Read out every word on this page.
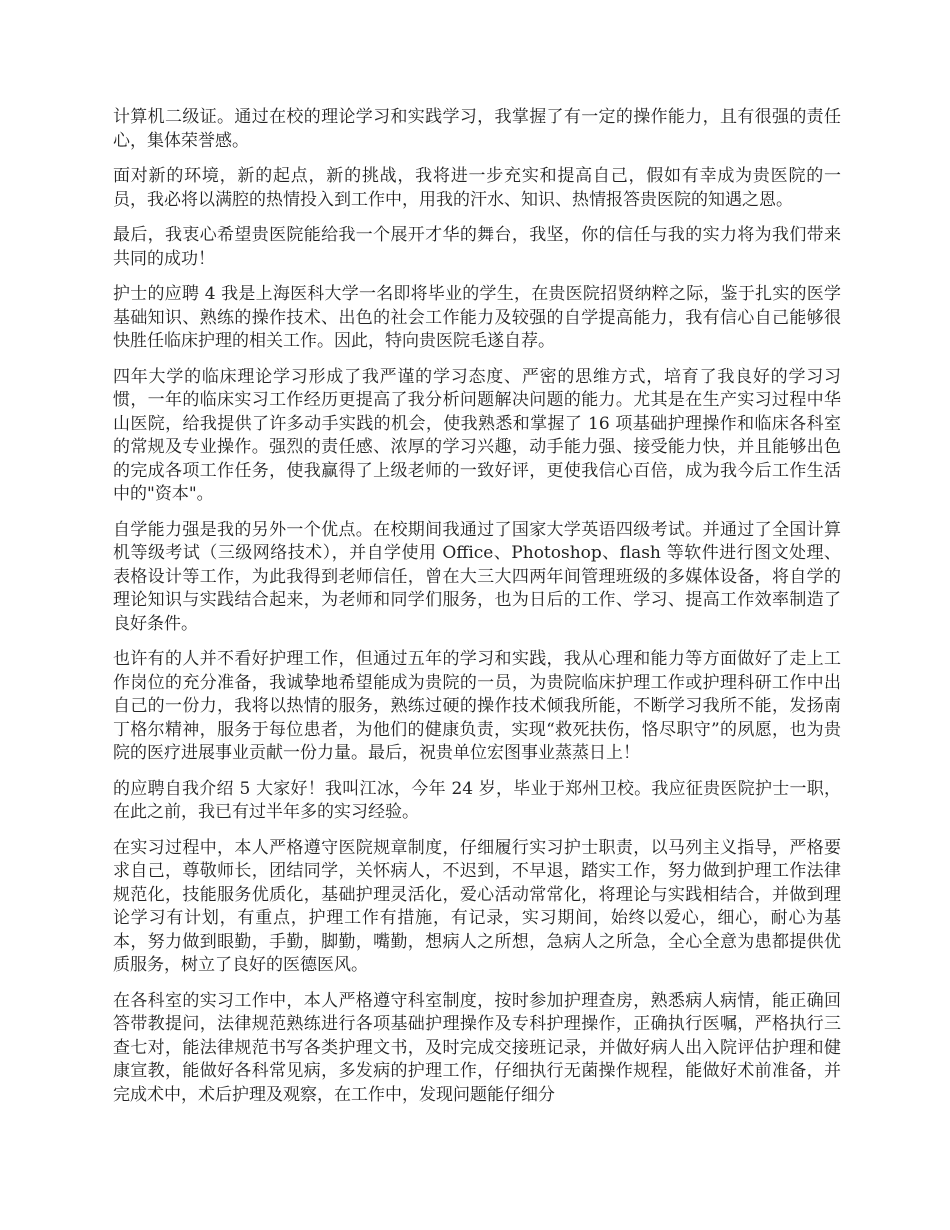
计算机二级证。通过在校的理论学习和实践学习，我掌握了有一定的操作能力，且有很强的责任心，集体荣誉感。

面对新的环境，新的起点，新的挑战，我将进一步充实和提高自己，假如有幸成为贵医院的一员，我必将以满腔的热情投入到工作中，用我的汗水、知识、热情报答贵医院的知遇之恩。

最后，我衷心希望贵医院能给我一个展开才华的舞台，我坚，你的信任与我的实力将为我们带来共同的成功！

护士的应聘 4 我是上海医科大学一名即将毕业的学生，在贵医院招贤纳粹之际，鉴于扎实的医学基础知识、熟练的操作技术、出色的社会工作能力及较强的自学提高能力，我有信心自己能够很快胜任临床护理的相关工作。因此，特向贵医院毛遂自荐。

四年大学的临床理论学习形成了我严谨的学习态度、严密的思维方式，培育了我良好的学习习惯，一年的临床实习工作经历更提高了我分析问题解决问题的能力。尤其是在生产实习过程中华山医院，给我提供了许多动手实践的机会，使我熟悉和掌握了 16 项基础护理操作和临床各科室的常规及专业操作。强烈的责任感、浓厚的学习兴趣，动手能力强、接受能力快，并且能够出色的完成各项工作任务，使我赢得了上级老师的一致好评，更使我信心百倍，成为我今后工作生活中的"资本"。

自学能力强是我的另外一个优点。在校期间我通过了国家大学英语四级考试。并通过了全国计算机等级考试（三级网络技术），并自学使用 Office、Photoshop、flash 等软件进行图文处理、表格设计等工作，为此我得到老师信任，曾在大三大四两年间管理班级的多媒体设备，将自学的理论知识与实践结合起来，为老师和同学们服务，也为日后的工作、学习、提高工作效率制造了良好条件。

也许有的人并不看好护理工作，但通过五年的学习和实践，我从心理和能力等方面做好了走上工作岗位的充分准备，我诚挚地希望能成为贵院的一员，为贵院临床护理工作或护理科研工作中出自己的一份力，我将以热情的服务，熟练过硬的操作技术倾我所能，不断学习我所不能，发扬南丁格尔精神，服务于每位患者，为他们的健康负责，实现“救死扶伤，恪尽职守”的夙愿，也为贵院的医疗进展事业贡献一份力量。最后，祝贵单位宏图事业蒸蒸日上！

的应聘自我介绍 5 大家好！我叫江冰，今年 24 岁，毕业于郑州卫校。我应征贵医院护士一职，在此之前，我已有过半年多的实习经验。

在实习过程中，本人严格遵守医院规章制度，仔细履行实习护士职责，以马列主义指导，严格要求自己，尊敬师长，团结同学，关怀病人，不迟到，不早退，踏实工作，努力做到护理工作法律规范化，技能服务优质化，基础护理灵活化，爱心活动常常化，将理论与实践相结合，并做到理论学习有计划，有重点，护理工作有措施，有记录，实习期间，始终以爱心，细心，耐心为基本，努力做到眼勤，手勤，脚勤，嘴勤，想病人之所想，急病人之所急，全心全意为患都提供优质服务，树立了良好的医德医风。

在各科室的实习工作中，本人严格遵守科室制度，按时参加护理查房，熟悉病人病情，能正确回答带教提问，法律规范熟练进行各项基础护理操作及专科护理操作，正确执行医嘱，严格执行三查七对，能法律规范书写各类护理文书，及时完成交接班记录，并做好病人出入院评估护理和健康宣教，能做好各科常见病，多发病的护理工作，仔细执行无菌操作规程，能做好术前准备，并完成术中，术后护理及观察，在工作中，发现问题能仔细分
